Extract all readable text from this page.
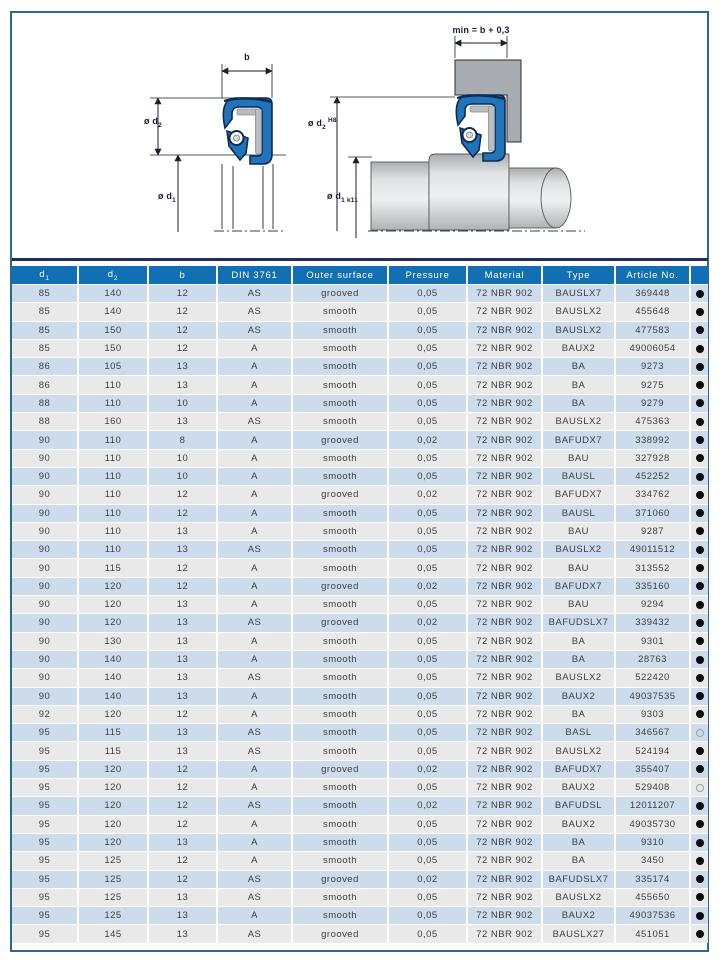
b
ø $d_2$
ø $d_1$
min = b + 0,3
ø $d_2$ $^{H8}$
ø $d_1$  $_{k11}$
$d_1$	$d_2$	b	DIN 3761	Outer surface	Pressure	Material	Type	Article No.	
85	140	12	AS	grooved	0,05	72 NBR 902	BAUSLX7	369448	
85	140	12	AS	smooth	0,05	72 NBR 902	BAUSLX2	455648	
85	150	12	AS	smooth	0,05	72 NBR 902	BAUSLX2	477583	
85	150	12	A	smooth	0,05	72 NBR 902	BAUX2	49006054	
86	105	13	A	smooth	0,05	72 NBR 902	BA	9273	
86	110	13	A	smooth	0,05	72 NBR 902	BA	9275	
88	110	10	A	smooth	0,05	72 NBR 902	BA	9279	
88	160	13	AS	smooth	0,05	72 NBR 902	BAUSLX2	475363	
90	110	8	A	grooved	0,02	72 NBR 902	BAFUDX7	338992	
90	110	10	A	smooth	0,05	72 NBR 902	BAU	327928	
90	110	10	A	smooth	0,05	72 NBR 902	BAUSL	452252	
90	110	12	A	grooved	0,02	72 NBR 902	BAFUDX7	334762	
90	110	12	A	smooth	0,05	72 NBR 902	BAUSL	371060	
90	110	13	A	smooth	0,05	72 NBR 902	BAU	9287	
90	110	13	AS	smooth	0,05	72 NBR 902	BAUSLX2	49011512	
90	115	12	A	smooth	0,05	72 NBR 902	BAU	313552	
90	120	12	A	grooved	0,02	72 NBR 902	BAFUDX7	335160	
90	120	13	A	smooth	0,05	72 NBR 902	BAU	9294	
90	120	13	AS	grooved	0,02	72 NBR 902	BAFUDSLX7	339432	
90	130	13	A	smooth	0,05	72 NBR 902	BA	9301	
90	140	13	A	smooth	0,05	72 NBR 902	BA	28763	
90	140	13	AS	smooth	0,05	72 NBR 902	BAUSLX2	522420	
90	140	13	A	smooth	0,05	72 NBR 902	BAUX2	49037535	
92	120	12	A	smooth	0,05	72 NBR 902	BA	9303	
95	115	13	AS	smooth	0,05	72 NBR 902	BASL	346567	
95	115	13	AS	smooth	0,05	72 NBR 902	BAUSLX2	524194	
95	120	12	A	grooved	0,02	72 NBR 902	BAFUDX7	355407	
95	120	12	A	smooth	0,05	72 NBR 902	BAUX2	529408	
95	120	12	AS	smooth	0,02	72 NBR 902	BAFUDSL	12011207	
95	120	12	A	smooth	0,05	72 NBR 902	BAUX2	49035730	
95	120	13	A	smooth	0,05	72 NBR 902	BA	9310	
95	125	12	A	smooth	0,05	72 NBR 902	BA	3450	
95	125	12	AS	grooved	0,02	72 NBR 902	BAFUDSLX7	335174	
95	125	13	AS	smooth	0,05	72 NBR 902	BAUSLX2	455650	
95	125	13	A	smooth	0,05	72 NBR 902	BAUX2	49037536	
95	145	13	AS	grooved	0,05	72 NBR 902	BAUSLX27	451051	
